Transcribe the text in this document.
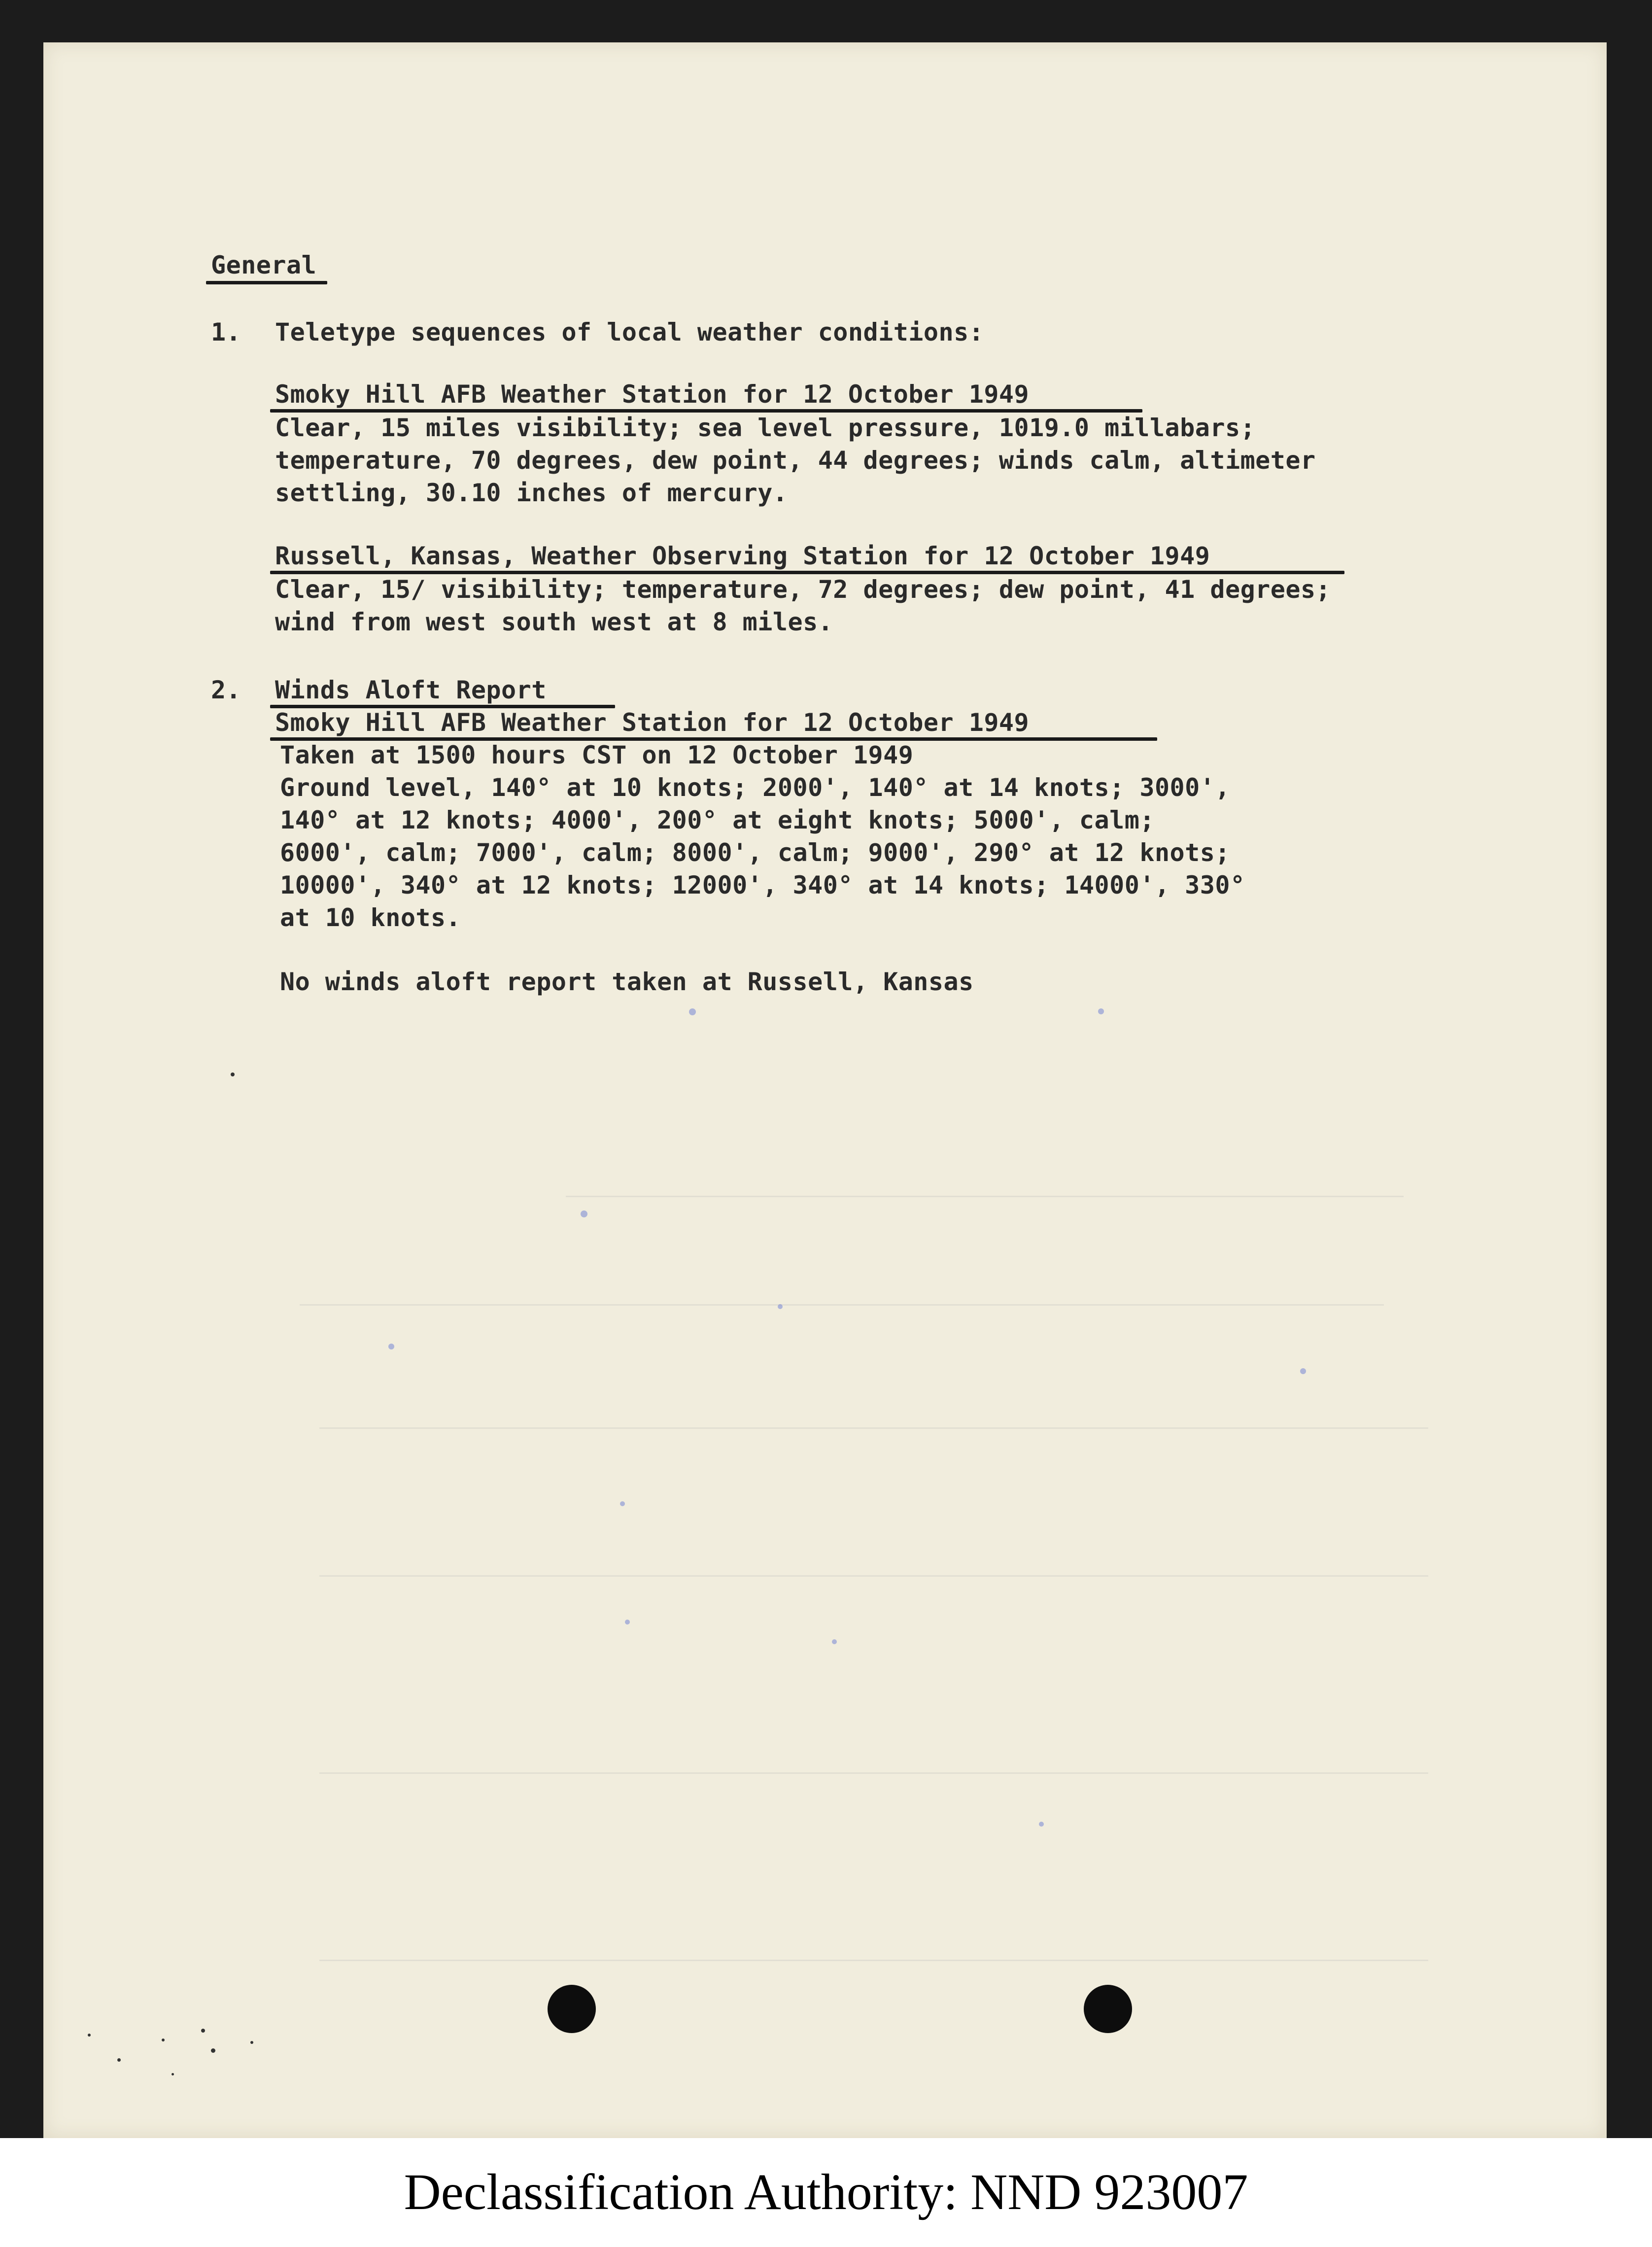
General
1. Teletype sequences of local weather conditions:
Smoky Hill AFB Weather Station for 12 October 1949
Clear, 15 miles visibility; sea level pressure, 1019.0 millabars;
temperature, 70 degrees, dew point, 44 degrees; winds calm, altimeter
settling, 30.10 inches of mercury.
Russell, Kansas, Weather Observing Station for 12 October 1949
Clear, 15/ visibility; temperature, 72 degrees; dew point, 41 degrees;
wind from west south west at 8 miles.
2. Winds Aloft Report
Smoky Hill AFB Weather Station for 12 October 1949
Taken at 1500 hours CST on 12 October 1949
Ground level, 140° at 10 knots; 2000', 140° at 14 knots; 3000',
140° at 12 knots; 4000', 200° at eight knots; 5000', calm;
6000', calm; 7000', calm; 8000', calm; 9000', 290° at 12 knots;
10000', 340° at 12 knots; 12000', 340° at 14 knots; 14000', 330°
at 10 knots.
No winds aloft report taken at Russell, Kansas
Declassification Authority: NND 923007
